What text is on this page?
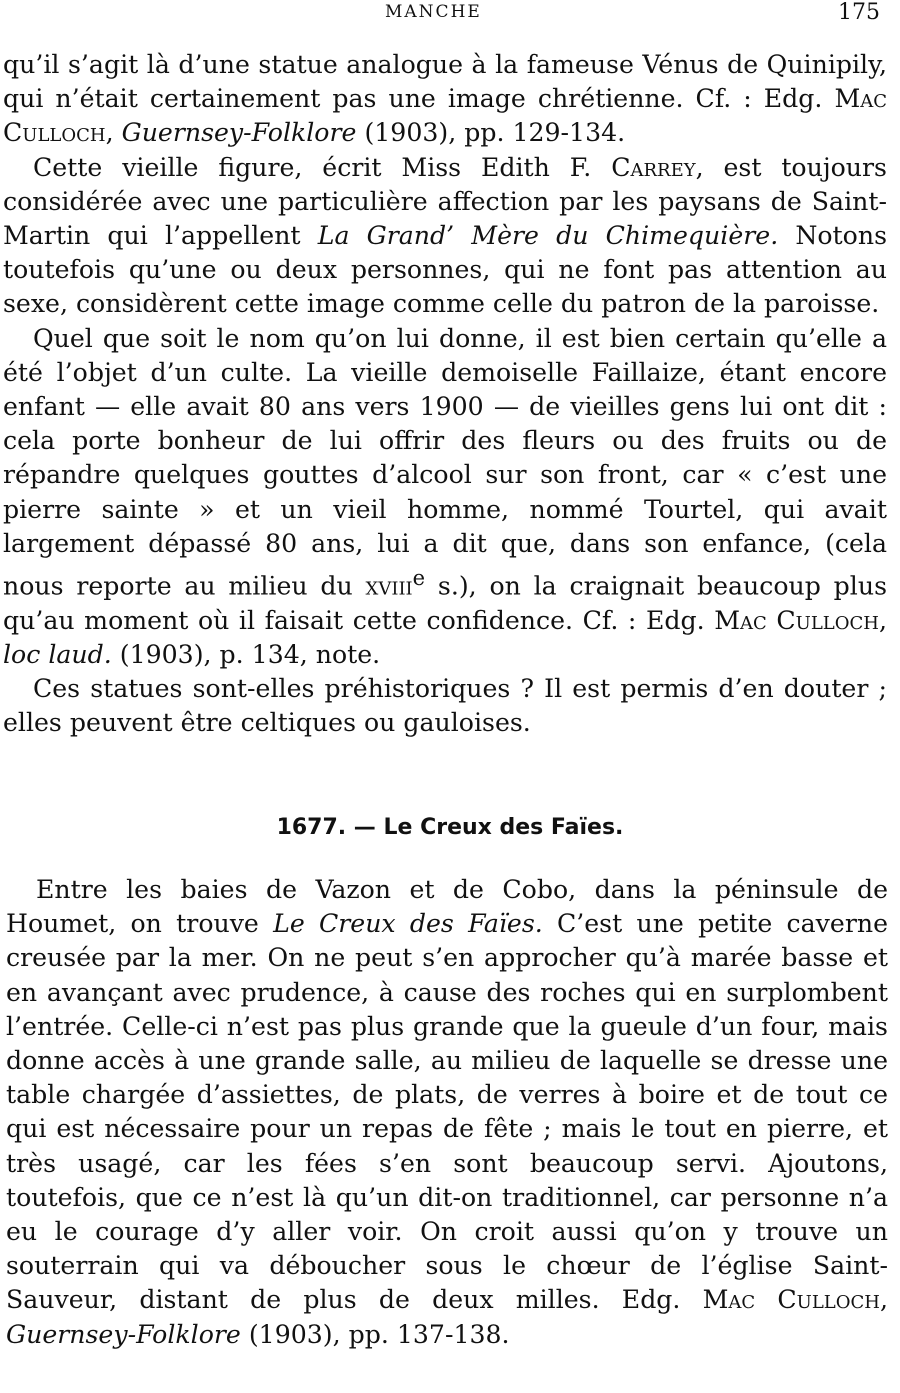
MANCHE	175

qu’il s’agit là d’une statue analogue à la fameuse Vénus de Quinipily, qui n’était certainement pas une image chrétienne. Cf. : Edg. Mac Culloch, Guernsey-Folklore (1903), pp. 129-134.

Cette vieille figure, écrit Miss Edith F. Carrey, est toujours considérée avec une particulière affection par les paysans de Saint-Martin qui l’appellent La Grand’ Mère du Chimequière. Notons toutefois qu’une ou deux personnes, qui ne font pas attention au sexe, considèrent cette image comme celle du patron de la paroisse.

Quel que soit le nom qu’on lui donne, il est bien certain qu’elle a été l’objet d’un culte. La vieille demoiselle Faillaize, étant encore enfant — elle avait 80 ans vers 1900 — de vieilles gens lui ont dit : cela porte bonheur de lui offrir des fleurs ou des fruits ou de répandre quelques gouttes d’alcool sur son front, car « c’est une pierre sainte » et un vieil homme, nommé Tourtel, qui avait largement dépassé 80 ans, lui a dit que, dans son enfance, (cela nous reporte au milieu du xviii$^e$ s.), on la craignait beaucoup plus qu’au moment où il faisait cette confidence. Cf. : Edg. Mac Culloch, loc laud. (1903), p. 134, note.

Ces statues sont-elles préhistoriques ? Il est permis d’en douter ; elles peuvent être celtiques ou gauloises.

1677. — Le Creux des Faïes.

Entre les baies de Vazon et de Cobo, dans la péninsule de Houmet, on trouve Le Creux des Faïes. C’est une petite caverne creusée par la mer. On ne peut s’en approcher qu’à marée basse et en avançant avec prudence, à cause des roches qui en surplombent l’entrée. Celle-ci n’est pas plus grande que la gueule d’un four, mais donne accès à une grande salle, au milieu de laquelle se dresse une table chargée d’assiettes, de plats, de verres à boire et de tout ce qui est nécessaire pour un repas de fête ; mais le tout en pierre, et très usagé, car les fées s’en sont beaucoup servi. Ajoutons, toutefois, que ce n’est là qu’un dit-on traditionnel, car personne n’a eu le courage d’y aller voir. On croit aussi qu’on y trouve un souterrain qui va déboucher sous le chœur de l’église Saint-Sauveur, distant de plus de deux milles. Edg. Mac Culloch, Guernsey-Folklore (1903), pp. 137-138.
